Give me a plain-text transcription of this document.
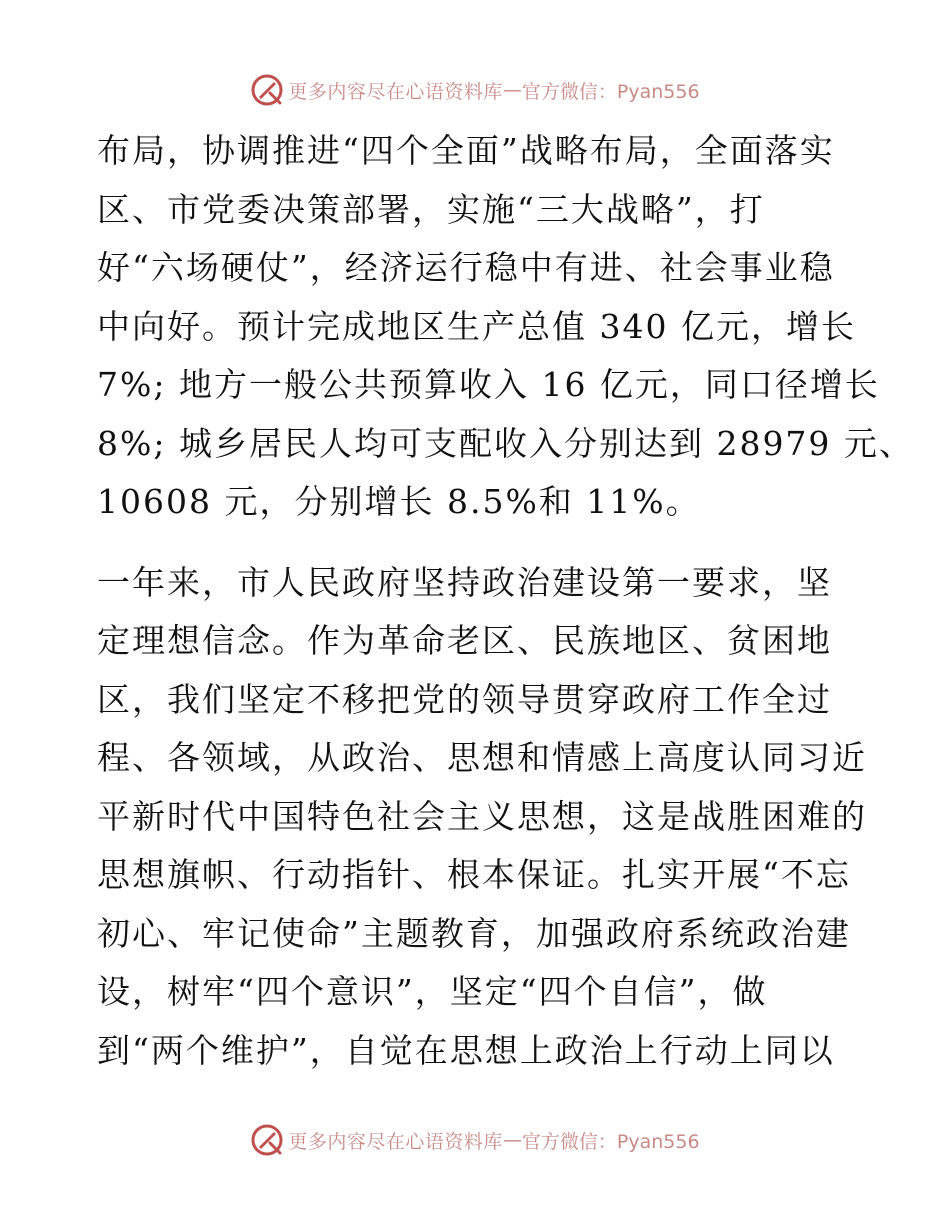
更多内容尽在心语资料库 — 官方微信：Pyan556
布局，协调推进“四个全面”战略布局，全面落实
区、市党委决策部署，实施“三大战略”，打
好“六场硬仗”，经济运行稳中有进、社会事业稳
中向好。预计完成地区生产总值 340 亿元，增长
7%; 地方一般公共预算收入 16 亿元，同口径增长
8%; 城乡居民人均可支配收入分别达到 28979 元、
10608 元，分别增长 8.5%和 11%。
一年来，市人民政府坚持政治建设第一要求，坚
定理想信念。作为革命老区、民族地区、贫困地
区，我们坚定不移把党的领导贯穿政府工作全过
程、各领域，从政治、思想和情感上高度认同习近
平新时代中国特色社会主义思想，这是战胜困难的
思想旗帜、行动指针、根本保证。扎实开展“不忘
初心、牢记使命”主题教育，加强政府系统政治建
设，树牢“四个意识”，坚定“四个自信”，做
到“两个维护”，自觉在思想上政治上行动上同以
更多内容尽在心语资料库 — 官方微信：Pyan556
